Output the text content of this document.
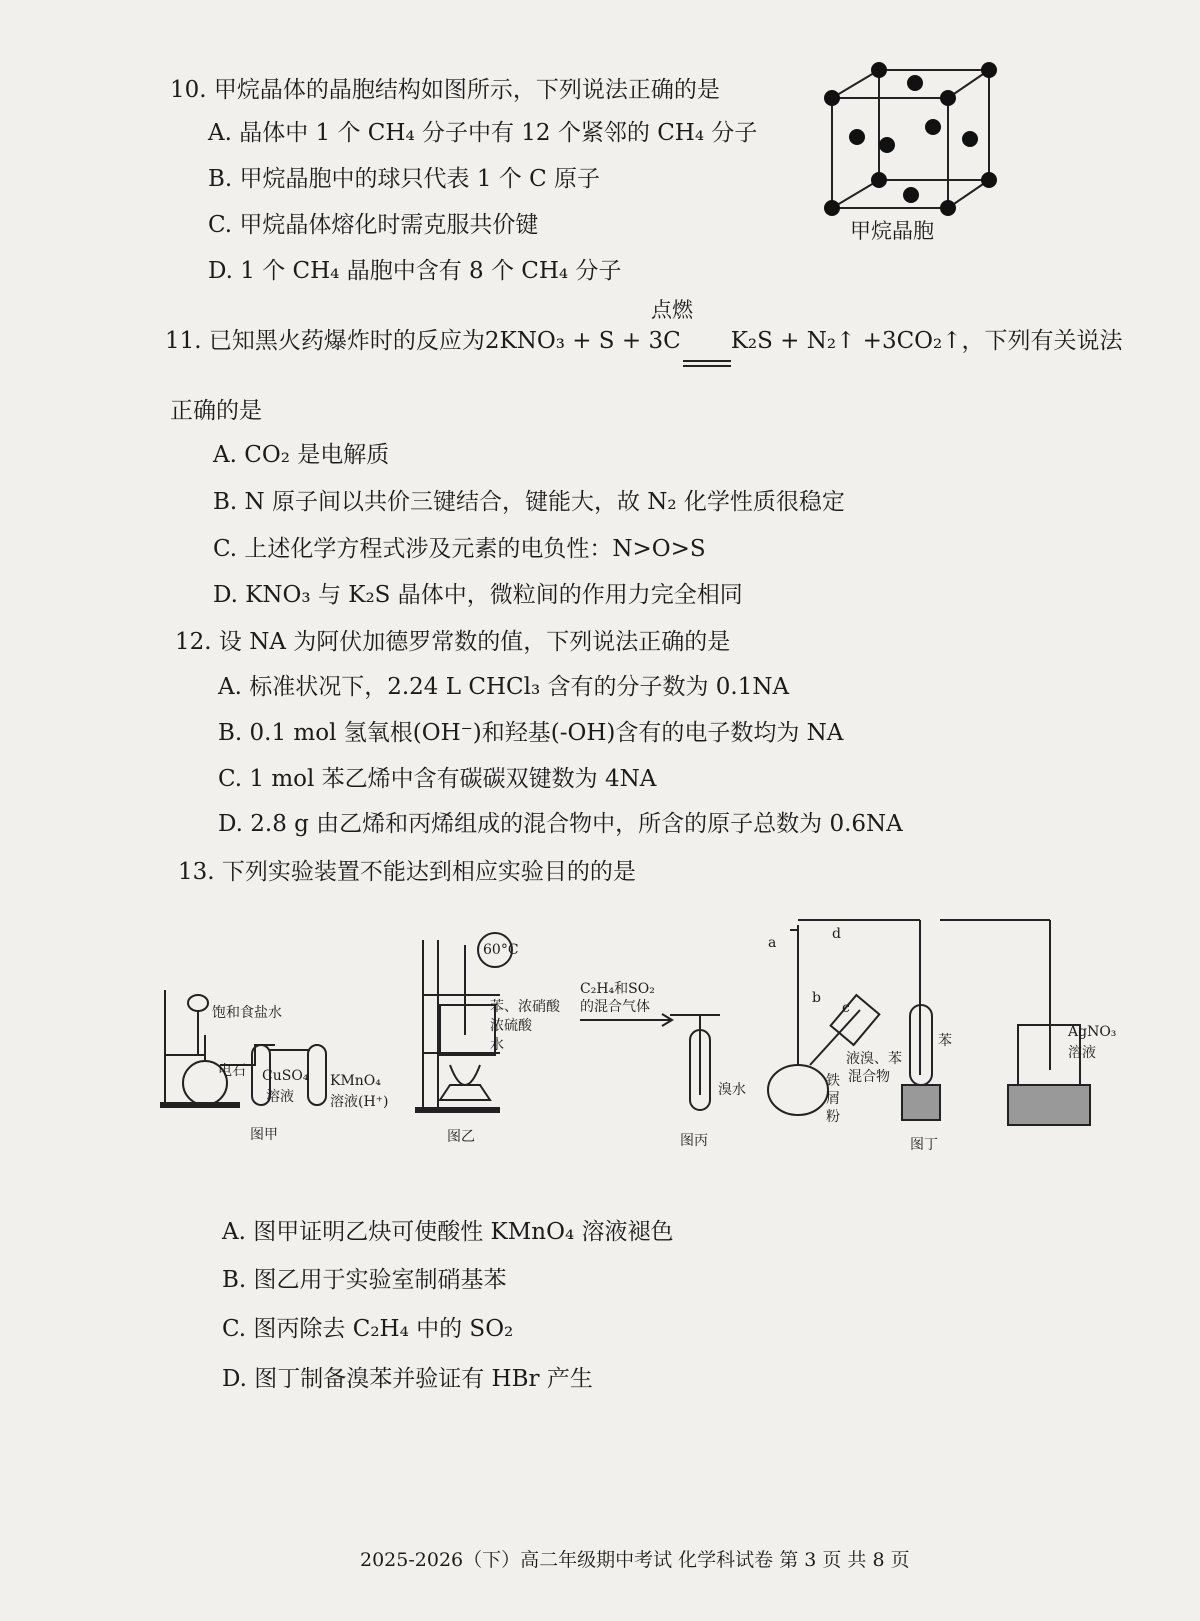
10. 甲烷晶体的晶胞结构如图所示，下列说法正确的是
A. 晶体中 1 个 CH₄ 分子中有 12 个紧邻的 CH₄ 分子
B. 甲烷晶胞中的球只代表 1 个 C 原子
C. 甲烷晶体熔化时需克服共价键
D. 1 个 CH₄ 晶胞中含有 8 个 CH₄ 分子
甲烷晶胞
11. 已知黑火药爆炸时的反应为2KNO₃ + S + 3C K₂S + N₂↑ +3CO₂↑，下列有关说法
点燃
正确的是
A. CO₂ 是电解质
B. N 原子间以共价三键结合，键能大，故 N₂ 化学性质很稳定
C. 上述化学方程式涉及元素的电负性：N>O>S
D. KNO₃ 与 K₂S 晶体中，微粒间的作用力完全相同
12. 设 NA 为阿伏加德罗常数的值，下列说法正确的是
A. 标准状况下，2.24 L CHCl₃ 含有的分子数为 0.1NA
B. 0.1 mol 氢氧根(OH⁻)和羟基(-OH)含有的电子数均为 NA
C. 1 mol 苯乙烯中含有碳碳双键数为 4NA
D. 2.8 g 由乙烯和丙烯组成的混合物中，所含的原子总数为 0.6NA
13. 下列实验装置不能达到相应实验目的的是
饱和食盐水
电石 CuSO₄
溶液
KMnO₄
溶液(H⁺)
图甲
60°C
苯、浓硝酸
浓硫酸
水
图乙
C₂H₄和SO₂
的混合气体
溴水
图丙
a
b
c
d
液溴、苯
铁 混合物
屑
粉
苯
AgNO₃
溶液
图丁
A. 图甲证明乙炔可使酸性 KMnO₄ 溶液褪色
B. 图乙用于实验室制硝基苯
C. 图丙除去 C₂H₄ 中的 SO₂
D. 图丁制备溴苯并验证有 HBr 产生
2025-2026（下）高二年级期中考试 化学科试卷 第 3 页 共 8 页
